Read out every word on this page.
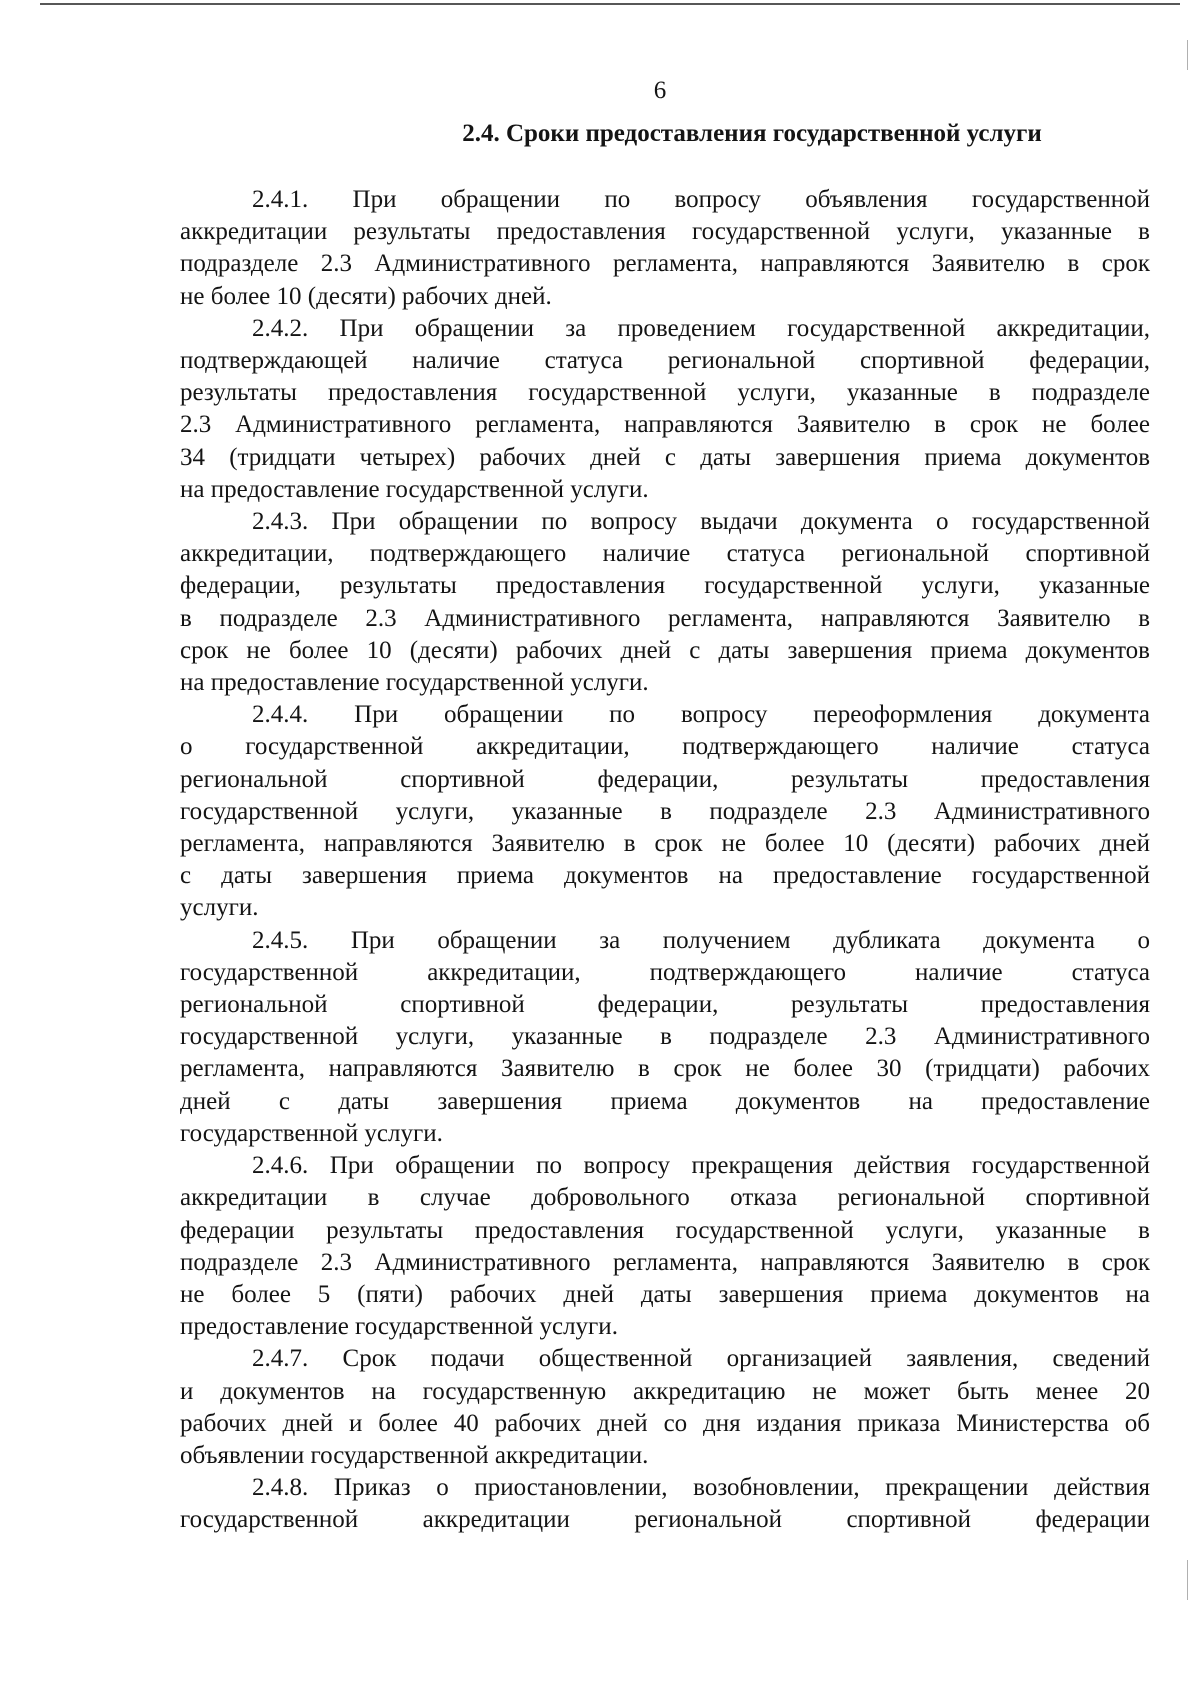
6
2.4. Сроки предоставления государственной услуги
2.4.1. При обращении по вопросу объявления государственной
аккредитации результаты предоставления государственной услуги, указанные в
подразделе 2.3 Административного регламента, направляются Заявителю в срок
не более 10 (десяти) рабочих дней.
2.4.2. При обращении за проведением государственной аккредитации,
подтверждающей наличие статуса региональной спортивной федерации,
результаты предоставления государственной услуги, указанные в подразделе
2.3 Административного регламента, направляются Заявителю в срок не более
34 (тридцати четырех) рабочих дней с даты завершения приема документов
на предоставление государственной услуги.
2.4.3. При обращении по вопросу выдачи документа о государственной
аккредитации, подтверждающего наличие статуса региональной спортивной
федерации, результаты предоставления государственной услуги, указанные
в подразделе 2.3 Административного регламента, направляются Заявителю в
срок не более 10 (десяти) рабочих дней с даты завершения приема документов
на предоставление государственной услуги.
2.4.4. При обращении по вопросу переоформления документа
о государственной аккредитации, подтверждающего наличие статуса
региональной спортивной федерации, результаты предоставления
государственной услуги, указанные в подразделе 2.3 Административного
регламента, направляются Заявителю в срок не более 10 (десяти) рабочих дней
с даты завершения приема документов на предоставление государственной
услуги.
2.4.5. При обращении за получением дубликата документа о
государственной аккредитации, подтверждающего наличие статуса
региональной спортивной федерации, результаты предоставления
государственной услуги, указанные в подразделе 2.3 Административного
регламента, направляются Заявителю в срок не более 30 (тридцати) рабочих
дней с даты завершения приема документов на предоставление
государственной услуги.
2.4.6. При обращении по вопросу прекращения действия государственной
аккредитации в случае добровольного отказа региональной спортивной
федерации результаты предоставления государственной услуги, указанные в
подразделе 2.3 Административного регламента, направляются Заявителю в срок
не более 5 (пяти) рабочих дней даты завершения приема документов на
предоставление государственной услуги.
2.4.7. Срок подачи общественной организацией заявления, сведений
и документов на государственную аккредитацию не может быть менее 20
рабочих дней и более 40 рабочих дней со дня издания приказа Министерства об
объявлении государственной аккредитации.
2.4.8. Приказ о приостановлении, возобновлении, прекращении действия
государственной аккредитации региональной спортивной федерации
